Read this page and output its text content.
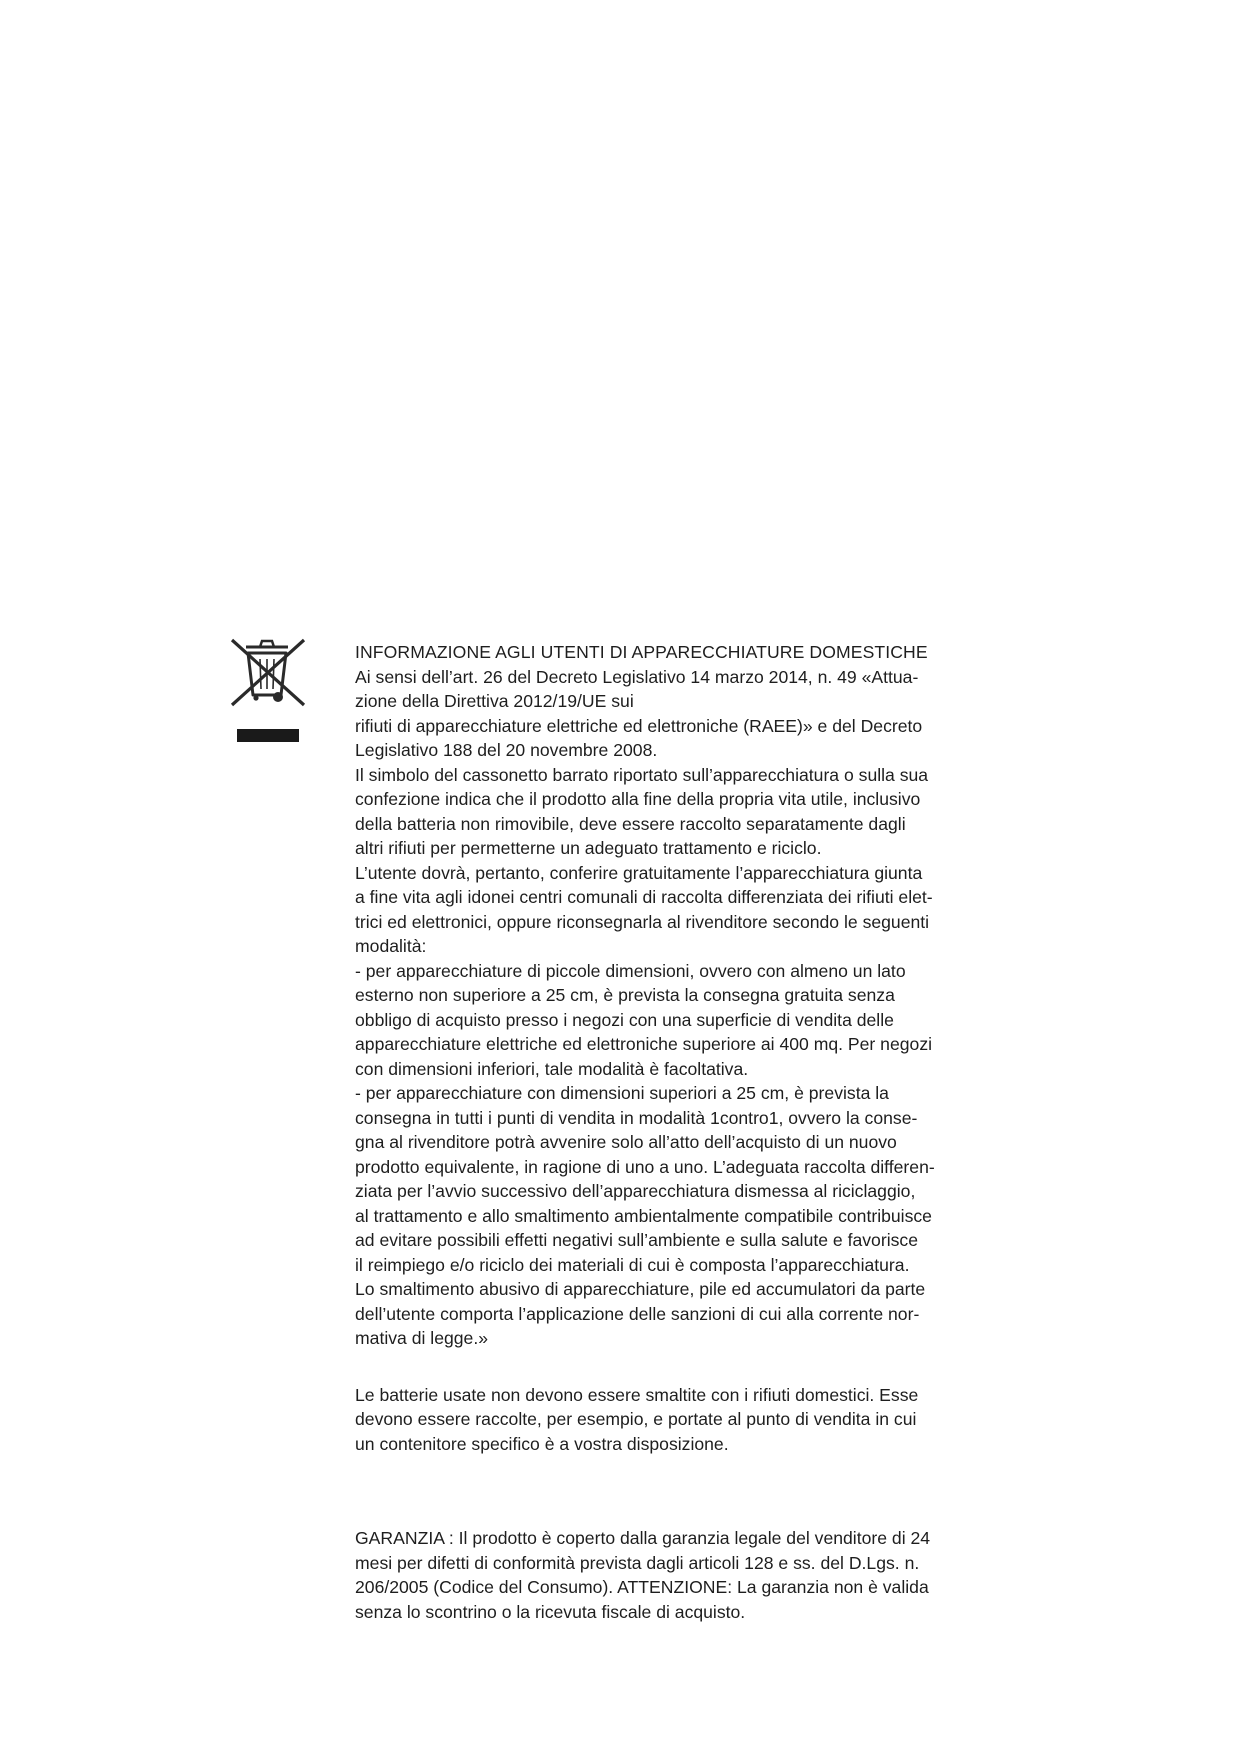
INFORMAZIONE AGLI UTENTI DI APPARECCHIATURE DOMESTICHE

Ai sensi dell’art. 26 del Decreto Legislativo 14 marzo 2014, n. 49 «Attua-
zione della Direttiva 2012/19/UE sui
rifiuti di apparecchiature elettriche ed elettroniche (RAEE)» e del Decreto
Legislativo 188 del 20 novembre 2008.

Il simbolo del cassonetto barrato riportato sull’apparecchiatura o sulla sua
confezione indica che il prodotto alla fine della propria vita utile, inclusivo
della batteria non rimovibile, deve essere raccolto separatamente dagli
altri rifiuti per permetterne un adeguato trattamento e riciclo.

L’utente dovrà, pertanto, conferire gratuitamente l’apparecchiatura giunta
a fine vita agli idonei centri comunali di raccolta differenziata dei rifiuti elet-
trici ed elettronici, oppure riconsegnarla al rivenditore secondo le seguenti
modalità:

- per apparecchiature di piccole dimensioni, ovvero con almeno un lato
esterno non superiore a 25 cm, è prevista la consegna gratuita senza
obbligo di acquisto presso i negozi con una superficie di vendita delle
apparecchiature elettriche ed elettroniche superiore ai 400 mq. Per negozi
con dimensioni inferiori, tale modalità è facoltativa.

- per apparecchiature con dimensioni superiori a 25 cm, è prevista la
consegna in tutti i punti di vendita in modalità 1contro1, ovvero la conse-
gna al rivenditore potrà avvenire solo all’atto dell’acquisto di un nuovo
prodotto equivalente, in ragione di uno a uno. L’adeguata raccolta differen-
ziata per l’avvio successivo dell’apparecchiatura dismessa al riciclaggio,
al trattamento e allo smaltimento ambientalmente compatibile contribuisce
ad evitare possibili effetti negativi sull’ambiente e sulla salute e favorisce
il reimpiego e/o riciclo dei materiali di cui è composta l’apparecchiatura.

Lo smaltimento abusivo di apparecchiature, pile ed accumulatori da parte
dell’utente comporta l’applicazione delle sanzioni di cui alla corrente nor-
mativa di legge.»

Le batterie usate non devono essere smaltite con i rifiuti domestici. Esse
devono essere raccolte, per esempio, e portate al punto di vendita in cui
un contenitore specifico è a vostra disposizione.

GARANZIA : Il prodotto è coperto dalla garanzia legale del venditore di 24
mesi per difetti di conformità prevista dagli articoli 128 e ss. del D.Lgs. n.
206/2005 (Codice del Consumo). ATTENZIONE: La garanzia non è valida
senza lo scontrino o la ricevuta fiscale di acquisto.
